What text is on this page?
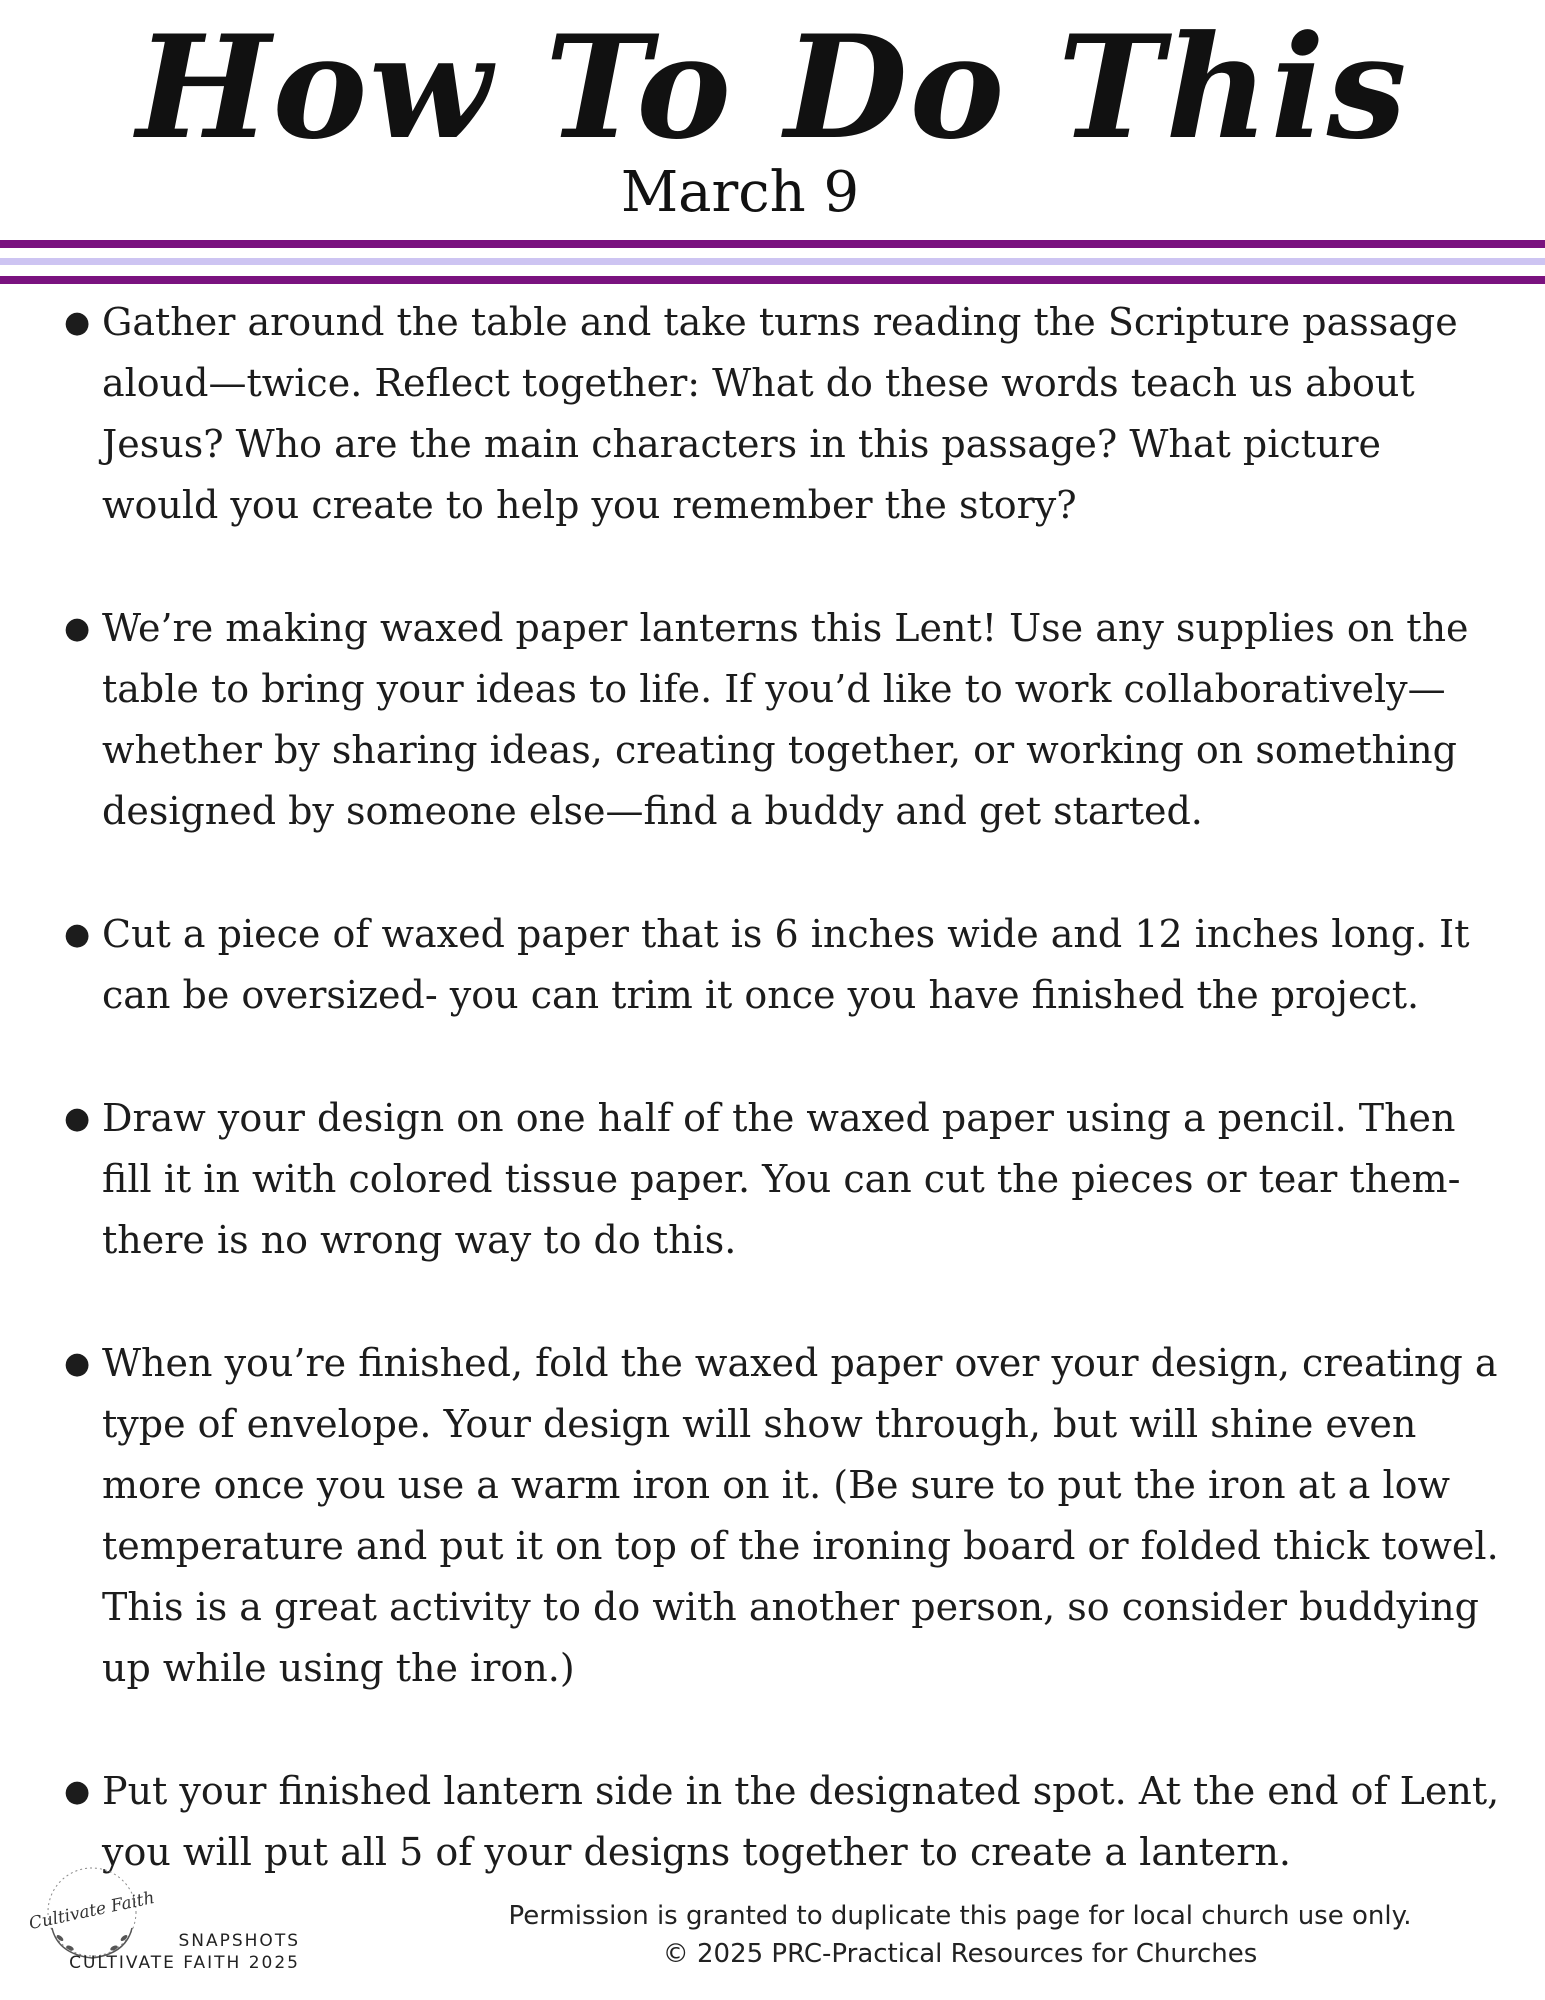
How To Do This
March 9
● Gather around the table and take turns reading the Scripture passage aloud—twice. Reflect together: What do these words teach us about Jesus? Who are the main characters in this passage? What picture would you create to help you remember the story?
● We’re making waxed paper lanterns this Lent! Use any supplies on the table to bring your ideas to life. If you’d like to work collaboratively—whether by sharing ideas, creating together, or working on something designed by someone else—find a buddy and get started.
● Cut a piece of waxed paper that is 6 inches wide and 12 inches long. It can be oversized- you can trim it once you have finished the project.
● Draw your design on one half of the waxed paper using a pencil. Then fill it in with colored tissue paper. You can cut the pieces or tear them- there is no wrong way to do this.
● When you’re finished, fold the waxed paper over your design, creating a type of envelope. Your design will show through, but will shine even more once you use a warm iron on it. (Be sure to put the iron at a low temperature and put it on top of the ironing board or folded thick towel. This is a great activity to do with another person, so consider buddying up while using the iron.)
● Put your finished lantern side in the designated spot. At the end of Lent, you will put all 5 of your designs together to create a lantern.
Cultivate Faith
SNAPSHOTS
CULTIVATE FAITH 2025
Permission is granted to duplicate this page for local church use only.
© 2025 PRC-Practical Resources for Churches
